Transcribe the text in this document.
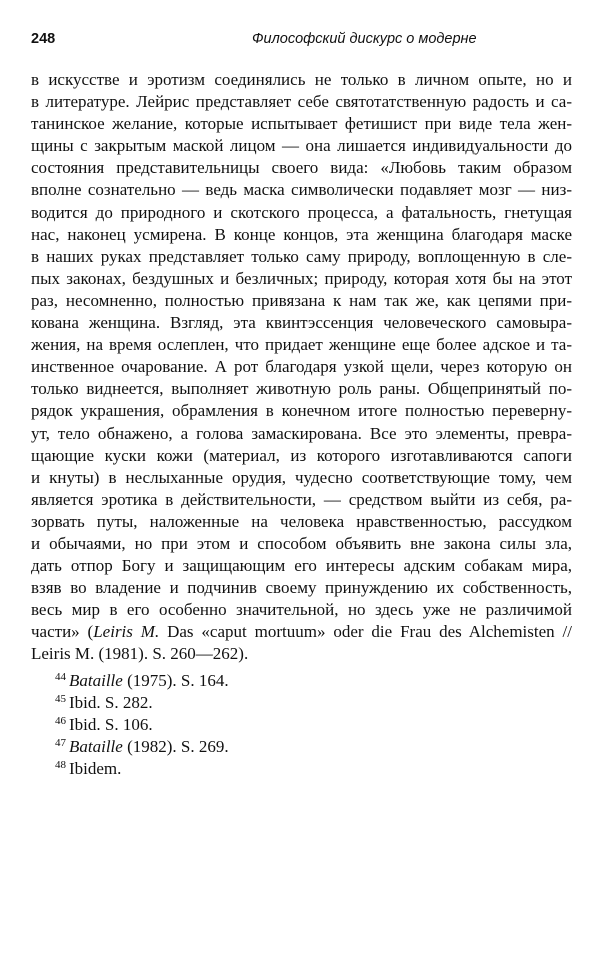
248	Философский дискурс о модерне
в искусстве и эротизм соединялись не только в личном опыте, но и
в литературе. Лейрис представляет себе святотатственную радость и са-
танинское желание, которые испытывает фетишист при виде тела жен-
щины с закрытым маской лицом — она лишается индивидуальности до
состояния представительницы своего вида: «Любовь таким образом
вполне сознательно — ведь маска символически подавляет мозг — низ-
водится до природного и скотского процесса, а фатальность, гнетущая
нас, наконец усмирена. В конце концов, эта женщина благодаря маске
в наших руках представляет только саму природу, воплощенную в сле-
пых законах, бездушных и безличных; природу, которая хотя бы на этот
раз, несомненно, полностью привязана к нам так же, как цепями при-
кована женщина. Взгляд, эта квинтэссенция человеческого самовыра-
жения, на время ослеплен, что придает женщине еще более адское и та-
инственное очарование. А рот благодаря узкой щели, через которую он
только виднеется, выполняет животную роль раны. Общепринятый по-
рядок украшения, обрамления в конечном итоге полностью переверну-
ут, тело обнажено, а голова замаскирована. Все это элементы, превра-
щающие куски кожи (материал, из которого изготавливаются сапоги
и кнуты) в неслыханные орудия, чудесно соответствующие тому, чем
является эротика в действительности, — средством выйти из себя, ра-
зорвать путы, наложенные на человека нравственностью, рассудком
и обычаями, но при этом и способом объявить вне закона силы зла,
дать отпор Богу и защищающим его интересы адским собакам мира,
взяв во владение и подчинив своему принуждению их собственность,
весь мир в его особенно значительной, но здесь уже не различимой
части» (Leiris M. Das «caput mortuum» oder die Frau des Alchemisten //
Leiris M. (1981). S. 260—262).
$^{44}$ Bataille (1975). S. 164.
$^{45}$ Ibid. S. 282.
$^{46}$ Ibid. S. 106.
$^{47}$ Bataille (1982). S. 269.
$^{48}$ Ibidem.
